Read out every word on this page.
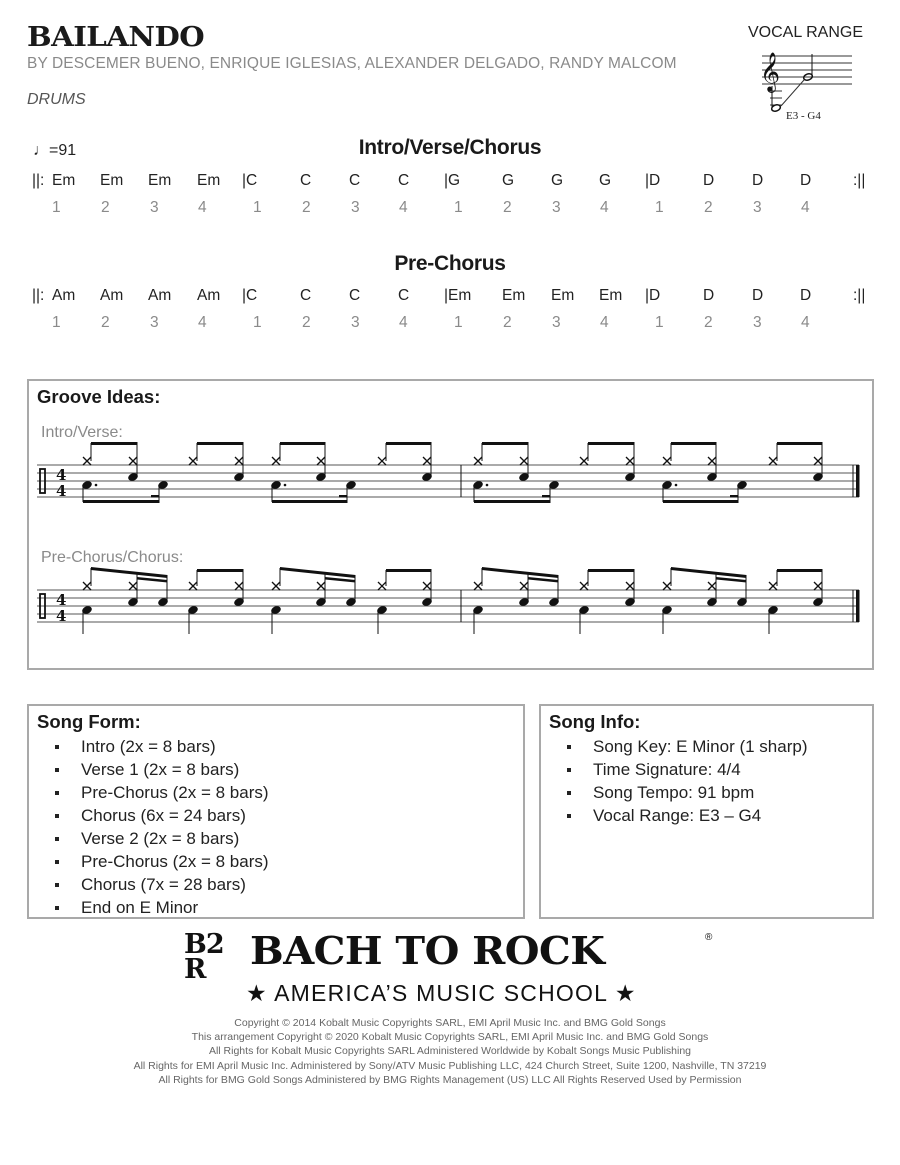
BAILANDO
BY DESCEMER BUENO, ENRIQUE IGLESIAS, ALEXANDER DELGADO, RANDY MALCOM
DRUMS
VOCAL RANGE
𝄞
E3 - G4
♩=91	Intro/Verse/Chorus
||: Em Em Em Em |C	C C C |G	G G G |D	D D D	:||
1	2	3	4	1	2	3	4	1	2	3	4	1	2	3	4
Pre-Chorus
||: Am Am Am Am |C	C C C |Em Em Em Em |D	D D D	:||
1	2	3	4	1	2	3	4	1	2	3	4	1	2	3	4
Groove Ideas:
Intro/Verse:
4
4
Pre-Chorus/Chorus:
4
4
Song Form:
Intro (2x = 8 bars)
Verse 1 (2x = 8 bars)
Pre-Chorus (2x = 8 bars)
Chorus (6x = 24 bars)
Verse 2 (2x = 8 bars)
Pre-Chorus (2x = 8 bars)
Chorus (7x = 28 bars)
End on E Minor
Song Info:
Song Key: E Minor (1 sharp)
Time Signature: 4/4
Song Tempo: 91 bpm
Vocal Range: E3 – G4
B2
R	BACH TO ROCK	®
★ AMERICA’S MUSIC SCHOOL ★
Copyright © 2014 Kobalt Music Copyrights SARL, EMI April Music Inc. and BMG Gold Songs
This arrangement Copyright © 2020 Kobalt Music Copyrights SARL, EMI April Music Inc. and BMG Gold Songs
All Rights for Kobalt Music Copyrights SARL Administered Worldwide by Kobalt Songs Music Publishing
All Rights for EMI April Music Inc. Administered by Sony/ATV Music Publishing LLC, 424 Church Street, Suite 1200, Nashville, TN 37219
All Rights for BMG Gold Songs Administered by BMG Rights Management (US) LLC All Rights Reserved Used by Permission
